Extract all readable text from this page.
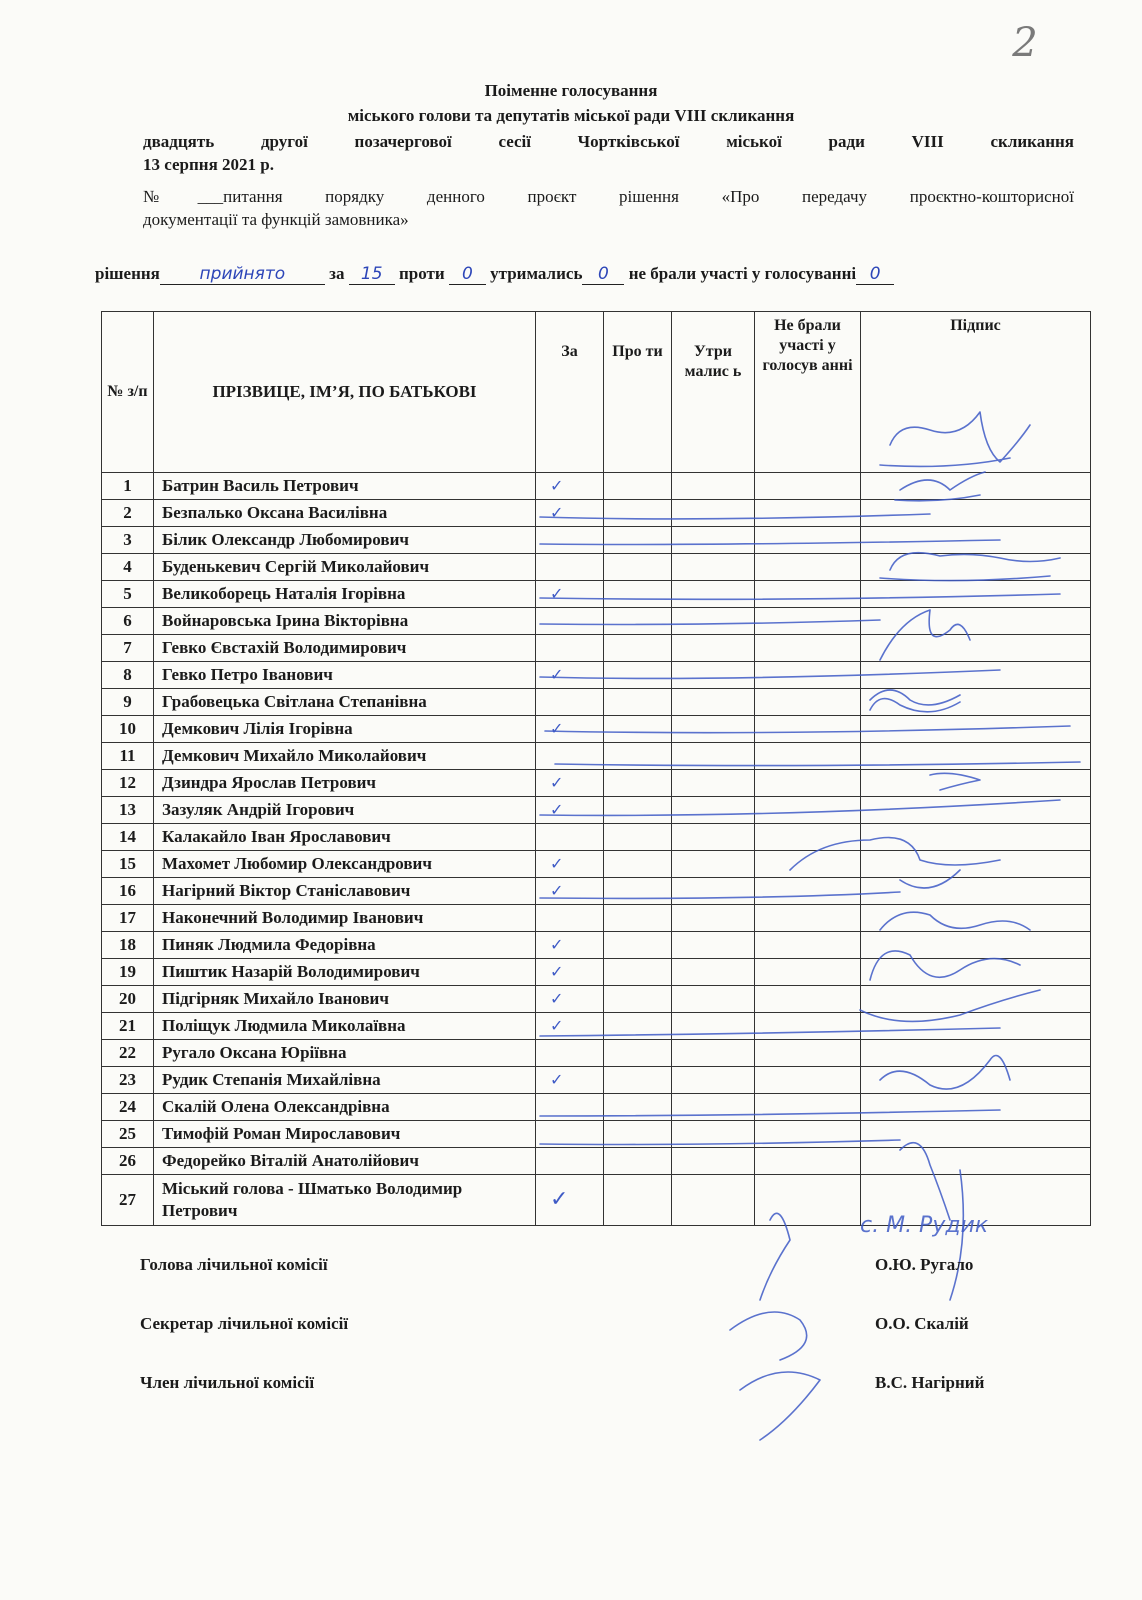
2
Поіменне голосування
міського голови та депутатів міської ради VIII скликання
двадцять другої позачергової сесії Чортківської міської ради VIII скликання
13 серпня 2021 р.
№___питання порядку денного проєкт рішення «Про передачу проєктно-кошторисної
документації та функцій замовника»
рішення прийнято	за 15 проти 0 утримались 0 не брали участі у голосуванні 0
№ з/п	ПРІЗВИЦЕ, ІМ’Я, ПО БАТЬКОВІ	За	Про ти	Утри малис ь	Не брали участі у голосув анні	Підпис
1	Батрин Василь Петрович	✓				
2	Безпалько Оксана Василівна	✓				
3	Білик Олександр Любомирович					
4	Буденькевич Сергій Миколайович					
5	Великоборець Наталія Ігорівна	✓				
6	Войнаровська Ірина Вікторівна					
7	Гевко Євстахій Володимирович					
8	Гевко Петро Іванович	✓				
9	Грабовецька Світлана Степанівна					
10	Демкович Лілія Ігорівна	✓				
11	Демкович Михайло Миколайович					
12	Дзиндра Ярослав Петрович	✓				
13	Зазуляк Андрій Ігорович	✓				
14	Калакайло Іван Ярославович					
15	Махомет Любомир Олександрович	✓				
16	Нагірний Віктор Станіславович	✓				
17	Наконечний Володимир Іванович					
18	Пиняк Людмила Федорівна	✓				
19	Пиштик Назарій Володимирович	✓				
20	Підгірняк Михайло Іванович	✓				
21	Поліщук Людмила Миколаївна	✓				
22	Ругало Оксана Юріївна					
23	Рудик Степанія Михайлівна	✓				
24	Скалій Олена Олександрівна					
25	Тимофій Роман Мирославович					
26	Федорейко Віталій Анатолійович					
27	Міський голова - Шматько Володимир Петрович	✓				
с. М. Рудик
Голова лічильної комісії	О.Ю. Ругало
Секретар лічильної комісії	О.О. Скалій
Член лічильної комісії	В.С. Нагірний
